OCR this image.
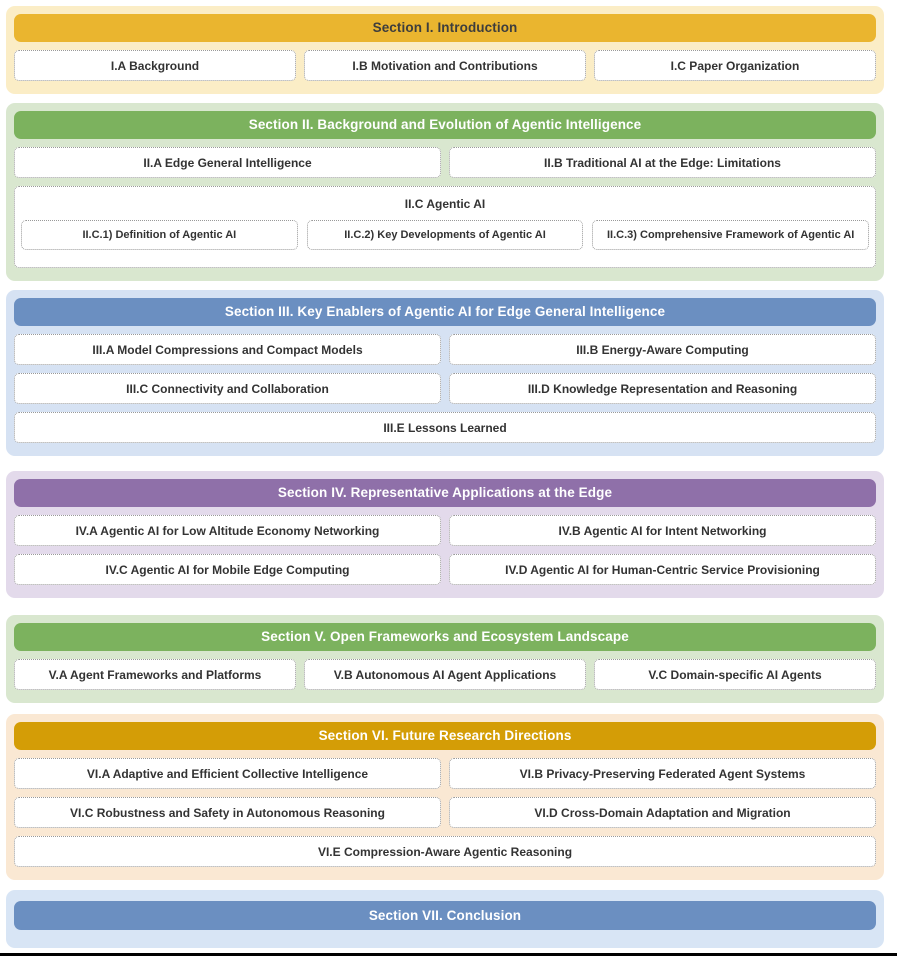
Section I. Introduction
I.A Background	I.B Motivation and Contributions	I.C Paper Organization
Section II. Background and Evolution of Agentic Intelligence
II.A Edge General Intelligence	II.B Traditional AI at the Edge: Limitations
II.C Agentic AI
II.C.1) Definition of Agentic AI	II.C.2) Key Developments of Agentic AI	II.C.3) Comprehensive Framework of Agentic AI
Section III. Key Enablers of Agentic AI for Edge General Intelligence
III.A Model Compressions and Compact Models	III.B Energy-Aware Computing
III.C Connectivity and Collaboration	III.D Knowledge Representation and Reasoning
III.E Lessons Learned
Section IV. Representative Applications at the Edge
IV.A Agentic AI for Low Altitude Economy Networking	IV.B Agentic AI for Intent Networking
IV.C Agentic AI for Mobile Edge Computing	IV.D Agentic AI for Human-Centric Service Provisioning
Section V. Open Frameworks and Ecosystem Landscape
V.A Agent Frameworks and Platforms	V.B Autonomous AI Agent Applications	V.C Domain-specific AI Agents
Section VI. Future Research Directions
VI.A Adaptive and Efficient Collective Intelligence	VI.B Privacy-Preserving Federated Agent Systems
VI.C Robustness and Safety in Autonomous Reasoning	VI.D Cross-Domain Adaptation and Migration
VI.E Compression-Aware Agentic Reasoning
Section VII. Conclusion
